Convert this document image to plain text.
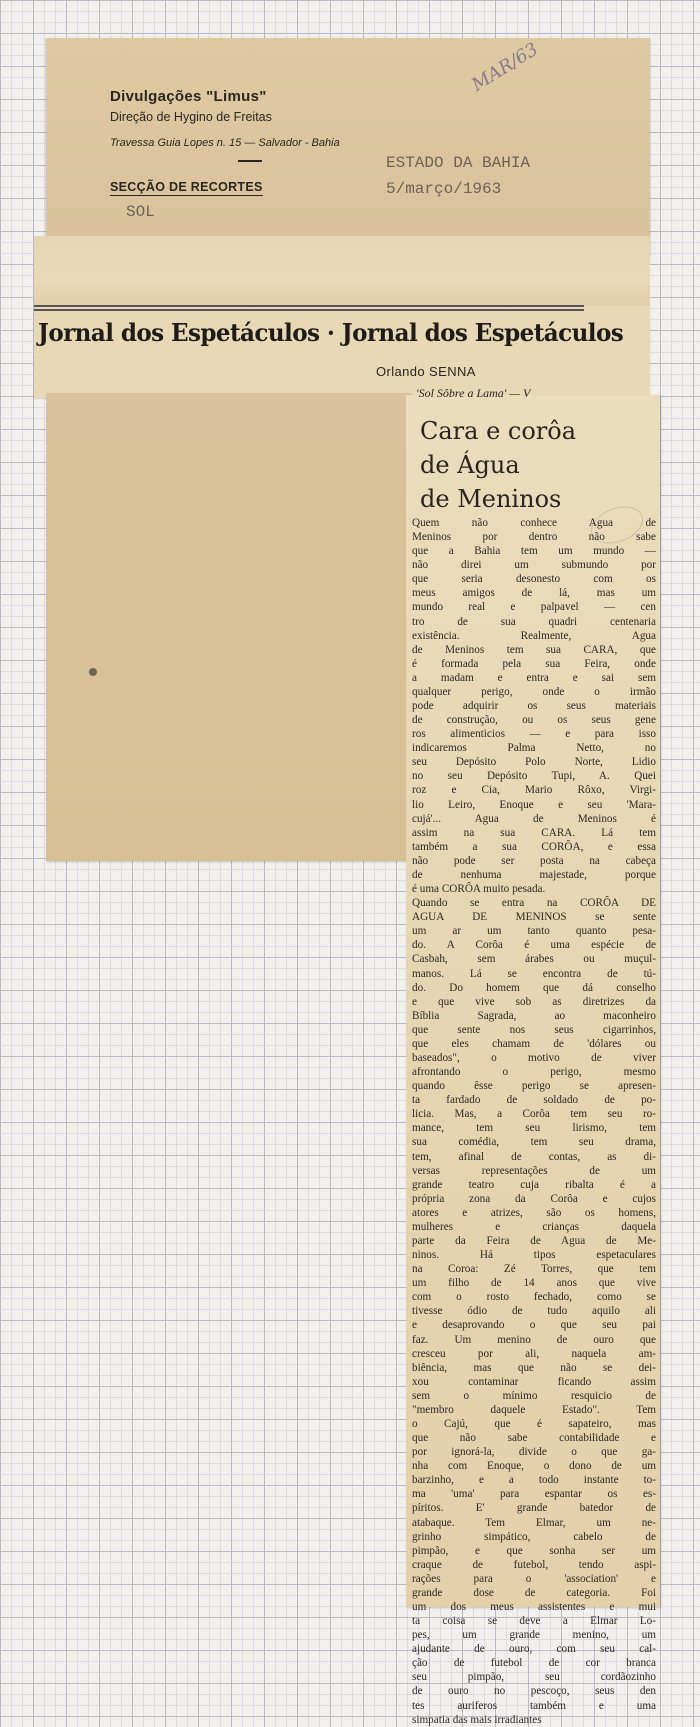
Divulgações "Limus"
Direção de Hygino de Freitas
Travessa Guia Lopes n. 15 — Salvador - Bahia
SECÇÃO DE RECORTES
ESTADO DA BAHIA
5/março/1963
SOL
MAR/63
Jornal dos Espetáculos · Jornal dos Espetáculos
Orlando SENNA
'Sol Sôbre a Lama' — V
Cara e corôa
de Água
de Meninos
Quem não conhece Agua de
Meninos por dentro não sabe
que a Bahia tem um mundo —
não direi um submundo por
que seria desonesto com os
meus amigos de lá, mas um
mundo real e palpavel — cen
tro de sua quadri centenaria
existência. Realmente, Agua
de Meninos tem sua CARA, que
é formada pela sua Feira, onde
a madam e entra e sai sem
qualquer perigo, onde o irmão
pode adquirir os seus materiais
de construção, ou os seus gene
ros alimenticios — e para isso
indicaremos Palma Netto, no
seu Depósito Polo Norte, Lidio
no seu Depósito Tupi, A. Quei
roz e Cia, Mario Rôxo, Virgi-
lio Leiro, Enoque e seu 'Mara-
cujá'... Agua de Meninos é
assim na sua CARA. Lá tem
também a sua CORÔA, e essa
não pode ser posta na cabeça
de nenhuma majestade, porque
é uma CORÔA muito pesada.
Quando se entra na CORÔA DE
AGUA DE MENINOS se sente
um ar um tanto quanto pesa-
do. A Corôa é uma espécie de
Casbah, sem árabes ou muçul-
manos. Lá se encontra de tú-
do. Do homem que dá conselho
e que vive sob as diretrizes da
Bíblia Sagrada, ao maconheiro
que sente nos seus cigarrinhos,
que eles chamam de 'dólares ou
baseados", o motivo de viver
afrontando o perigo, mesmo
quando êsse perigo se apresen-
ta fardado de soldado de po-
licia. Mas, a Corôa tem seu ro-
mance, tem seu lirismo, tem
sua comédia, tem seu drama,
tem, afinal de contas, as di-
versas representações de um
grande teatro cuja ribalta é a
própria zona da Corôa e cujos
atores e atrizes, são os homens,
mulheres e crianças daquela
parte da Feira de Agua de Me-
ninos. Há tipos espetaculares
na Coroa: Zé Torres, que tem
um filho de 14 anos que vive
com o rosto fechado, como se
tivesse ódio de tudo aquilo ali
e desaprovando o que seu pai
faz. Um menino de ouro que
cresceu por ali, naquela am-
biência, mas que não se dei-
xou contaminar ficando assim
sem o mínimo resquicio de
"membro daquele Estado". Tem
o Cajú, que é sapateiro, mas
que não sabe contabilidade e
por ignorá-la, divide o que ga-
nha com Enoque, o dono de um
barzinho, e a todo instante to-
ma 'uma' para espantar os es-
píritos. E' grande batedor de
atabaque. Tem Elmar, um ne-
grinho simpático, cabelo de
pimpão, e que sonha ser um
craque de futebol, tendo aspi-
rações para o 'association' e
grande dose de categoria. Foi
um dos meus assistentes e mui
ta coisa se deve a Elmar Lo-
pes, um grande menino, um
ajudante de ouro, com seu cal-
ção de futebol de cor branca
seu pimpão, seu cordãozinho
de ouro no pescoço, seus den
tes auriferos também e uma
simpatia das mais irradiantes
